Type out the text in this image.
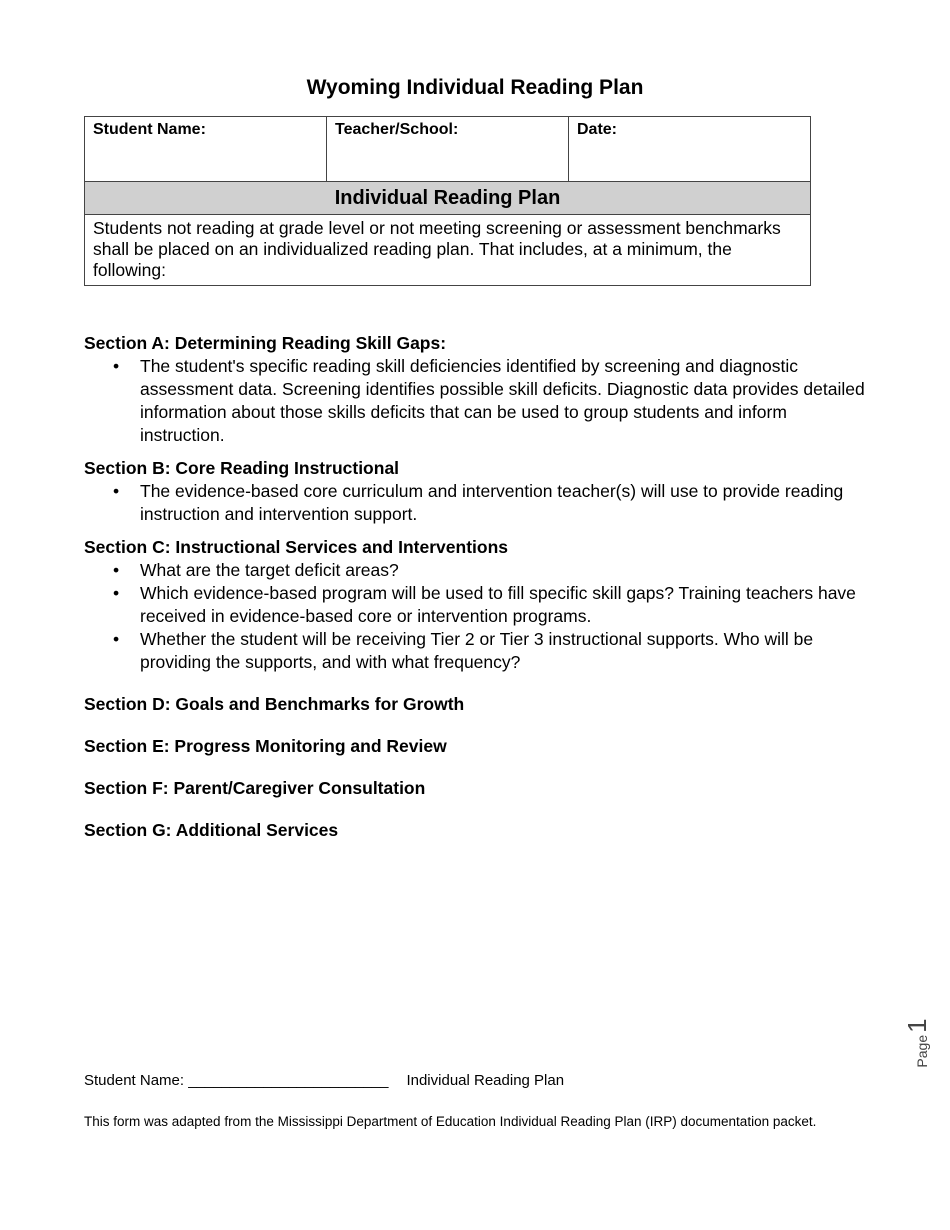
Wyoming Individual Reading Plan
Student Name:	Teacher/School:	Date:
Individual Reading Plan
Students not reading at grade level or not meeting screening or assessment benchmarks shall be placed on an individualized reading plan. That includes, at a minimum, the following:

Section A: Determining Reading Skill Gaps:

• The student's specific reading skill deficiencies identified by screening and diagnostic assessment data. Screening identifies possible skill deficits. Diagnostic data provides detailed information about those skills deficits that can be used to group students and inform instruction.

Section B: Core Reading Instructional

• The evidence-based core curriculum and intervention teacher(s) will use to provide reading instruction and intervention support.

Section C: Instructional Services and Interventions

• What are the target deficit areas?
• Which evidence-based program will be used to fill specific skill gaps? Training teachers have received in evidence-based core or intervention programs.
• Whether the student will be receiving Tier 2 or Tier 3 instructional supports. Who will be providing the supports, and with what frequency?

Section D: Goals and Benchmarks for Growth

Section E: Progress Monitoring and Review

Section F: Parent/Caregiver Consultation

Section G: Additional Services

Page
1
Student Name: ________________________ Individual Reading Plan
This form was adapted from the Mississippi Department of Education Individual Reading Plan (IRP) documentation packet.
